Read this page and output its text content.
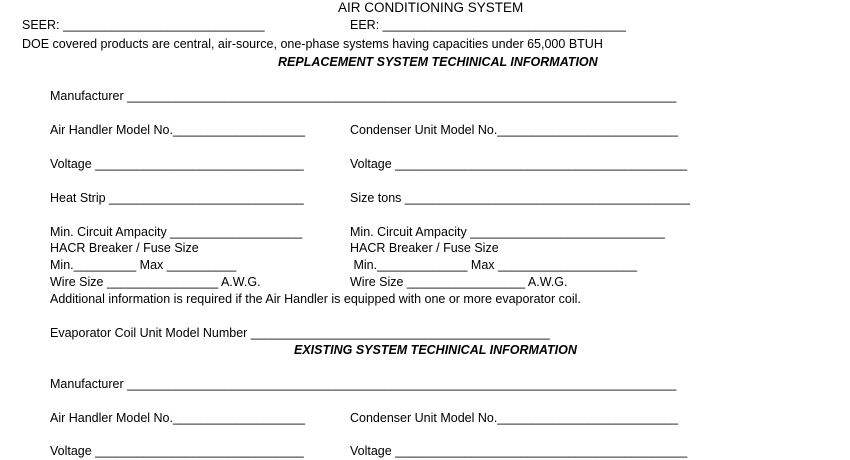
AIR CONDITIONING SYSTEM
SEER: _____________________________	EER: ___________________________________
DOE covered products are central, air-source, one-phase systems having capacities under 65,000 BTUH
REPLACEMENT SYSTEM TECHINICAL INFORMATION
Manufacturer _______________________________________________________________________________
Air Handler Model No.___________________	Condenser Unit Model No.__________________________
Voltage ______________________________	Voltage __________________________________________
Heat Strip ____________________________	Size tons _________________________________________
Min. Circuit Ampacity ___________________	Min. Circuit Ampacity ____________________________
HACR Breaker / Fuse Size	HACR Breaker / Fuse Size
Min._________ Max __________	Min._____________ Max ____________________
Wire Size ________________ A.W.G.	Wire Size _________________ A.W.G.
Additional information is required if the Air Handler is equipped with one or more evaporator coil.
Evaporator Coil Unit Model Number ___________________________________________
EXISTING SYSTEM TECHINICAL INFORMATION
Manufacturer _______________________________________________________________________________
Air Handler Model No.___________________	Condenser Unit Model No.__________________________
Voltage ______________________________	Voltage __________________________________________
